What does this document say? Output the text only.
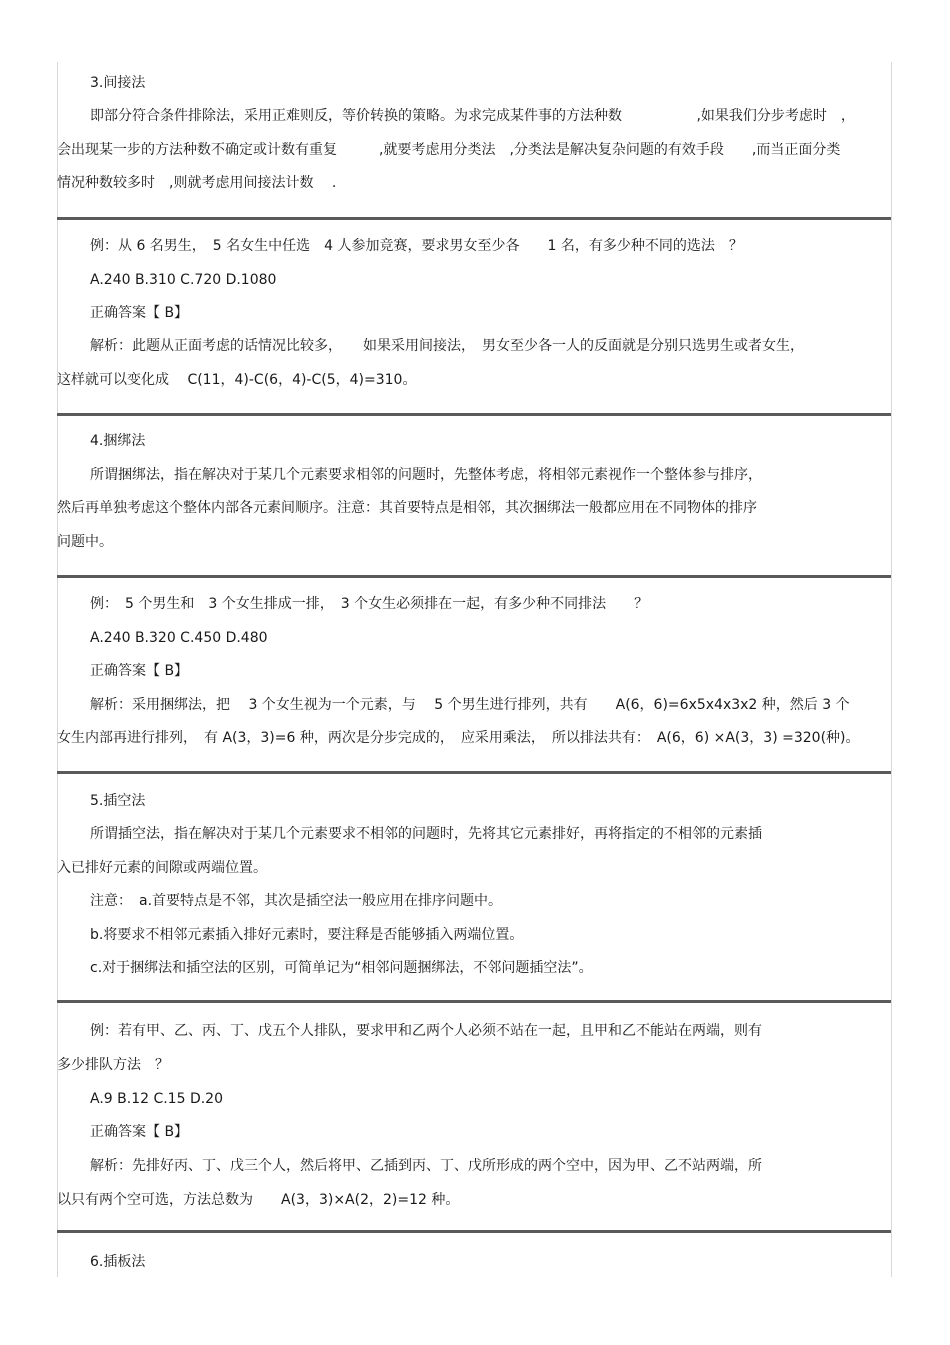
3.间接法
即部分符合条件排除法，采用正难则反，等价转换的策略。为求完成某件事的方法种数　　　　　 ,如果我们分步考虑时　，
会出现某一步的方法种数不确定或计数有重复　　　,就要考虑用分类法　,分类法是解决复杂问题的有效手段　　,而当正面分类
情况种数较多时　,则就考虑用间接法计数　 .
例：从 6 名男生，　5 名女生中任选　4 人参加竞赛，要求男女至少各　　1 名，有多少种不同的选法　？
A.240 B.310 C.720 D.1080
正确答案【 B】
解析：此题从正面考虑的话情况比较多，　　如果采用间接法，　男女至少各一人的反面就是分别只选男生或者女生，
这样就可以变化成　 C(11，4)-C(6，4)-C(5，4)=310。
4.捆绑法
所谓捆绑法，指在解决对于某几个元素要求相邻的问题时，先整体考虑，将相邻元素视作一个整体参与排序，
然后再单独考虑这个整体内部各元素间顺序。注意：其首要特点是相邻，其次捆绑法一般都应用在不同物体的排序
问题中。
例：　5 个男生和　3 个女生排成一排，　3 个女生必须排在一起，有多少种不同排法　　？
A.240 B.320 C.450 D.480
正确答案【 B】
解析：采用捆绑法，把　 3 个女生视为一个元素，与　 5 个男生进行排列，共有　　A(6，6)=6x5x4x3x2 种，然后 3 个
女生内部再进行排列，　有 A(3，3)=6 种，两次是分步完成的，　应采用乘法，　所以排法共有：　A(6，6) ×A(3，3) =320(种)。
5.插空法
所谓插空法，指在解决对于某几个元素要求不相邻的问题时，先将其它元素排好，再将指定的不相邻的元素插
入已排好元素的间隙或两端位置。
注意：　a.首要特点是不邻，其次是插空法一般应用在排序问题中。
b.将要求不相邻元素插入排好元素时，要注释是否能够插入两端位置。
c.对于捆绑法和插空法的区别，可简单记为“相邻问题捆绑法，不邻问题插空法”。
例：若有甲、乙、丙、丁、戊五个人排队，要求甲和乙两个人必须不站在一起，且甲和乙不能站在两端，则有
多少排队方法　？
A.9 B.12 C.15 D.20
正确答案【 B】
解析：先排好丙、丁、戊三个人，然后将甲、乙插到丙、丁、戊所形成的两个空中，因为甲、乙不站两端，所
以只有两个空可选，方法总数为　　A(3，3)×A(2，2)=12 种。
6.插板法
